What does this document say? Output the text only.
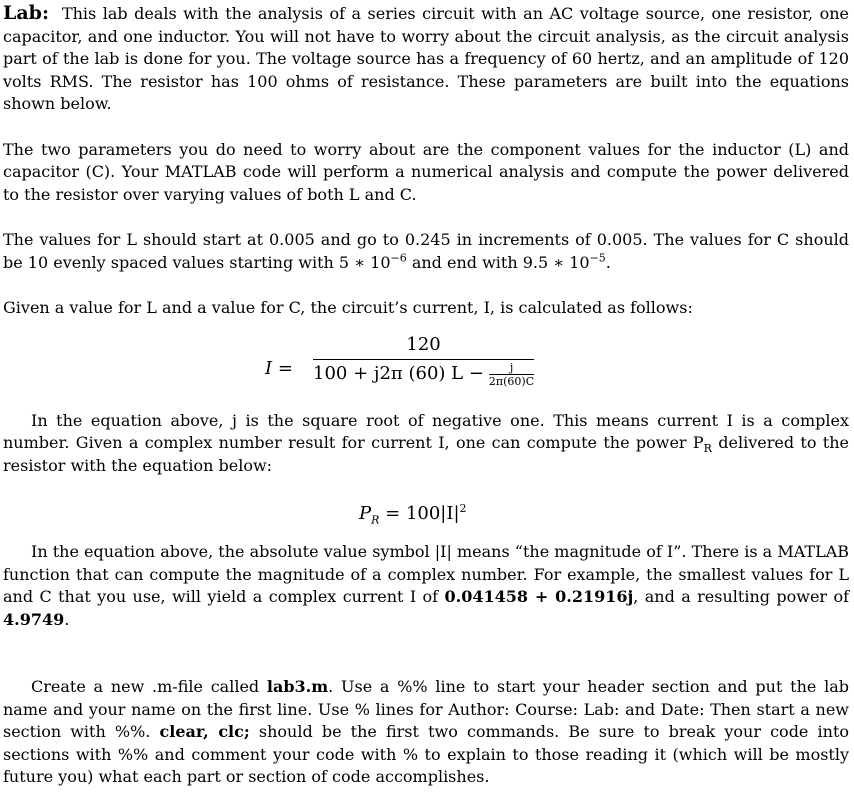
Lab: This lab deals with the analysis of a series circuit with an AC voltage source, one resistor, one capacitor, and one inductor. You will not have to worry about the circuit analysis, as the circuit analysis part of the lab is done for you. The voltage source has a frequency of 60 hertz, and an amplitude of 120 volts RMS. The resistor has 100 ohms of resistance. These parameters are built into the equations shown below.

The two parameters you do need to worry about are the component values for the inductor (L) and capacitor (C). Your MATLAB code will perform a numerical analysis and compute the power delivered to the resistor over varying values of both L and C.

The values for L should start at 0.005 and go to 0.245 in increments of 0.005. The values for C should be 10 evenly spaced values starting with 5 ∗ $10^{-6}$ and end with 9.5 ∗ $10^{-5}$.

Given a value for L and a value for C, the circuit’s current, I, is calculated as follows:

I =
120
100 + j2π (60) L − j
2π(60)C

In the equation above, j is the square root of negative one. This means current I is a complex number. Given a complex number result for current I, one can compute the power $P_R$ delivered to the resistor with the equation below:

$P_R = 100|I|^2$

In the equation above, the absolute value symbol |I| means “the magnitude of I”. There is a MATLAB function that can compute the magnitude of a complex number. For example, the smallest values for L and C that you use, will yield a complex current I of 0.041458 + 0.21916j, and a resulting power of 4.9749.

Create a new .m-file called lab3.m. Use a %% line to start your header section and put the lab name and your name on the first line. Use % lines for Author: Course: Lab: and Date: Then start a new section with %%. clear, clc; should be the first two commands. Be sure to break your code into sections with %% and comment your code with % to explain to those reading it (which will be mostly future you) what each part or section of code accomplishes.
